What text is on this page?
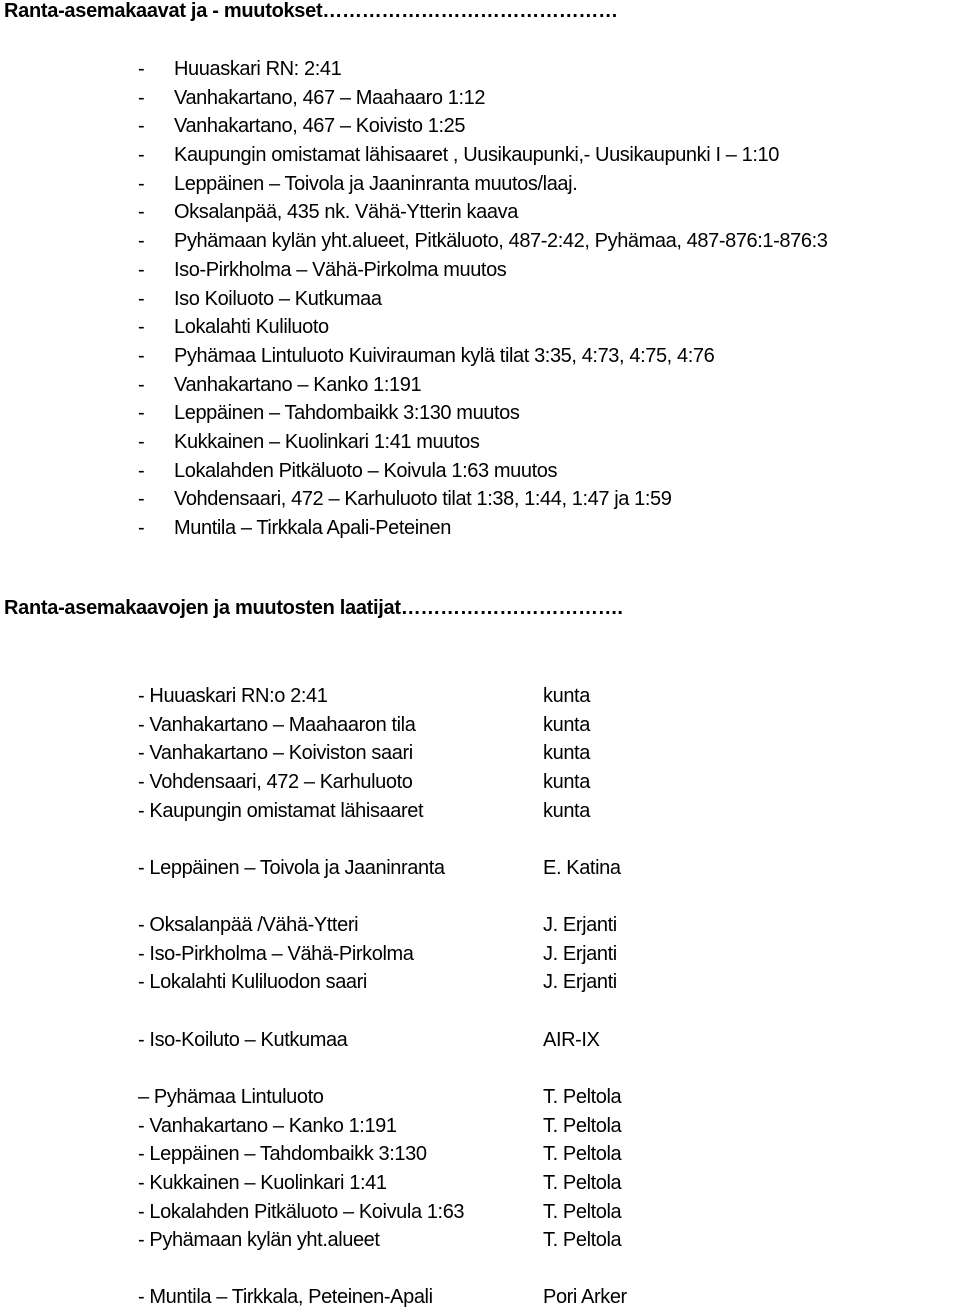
Ranta-asemakaavat ja - muutokset………………………………………
- Huuaskari RN: 2:41
- Vanhakartano, 467 – Maahaaro 1:12
- Vanhakartano, 467 – Koivisto 1:25
- Kaupungin omistamat lähisaaret , Uusikaupunki,- Uusikaupunki I – 1:10
- Leppäinen – Toivola ja Jaaninranta muutos/laaj.
- Oksalanpää, 435 nk. Vähä-Ytterin kaava
- Pyhämaan kylän yht.alueet, Pitkäluoto, 487-2:42, Pyhämaa, 487-876:1-876:3
- Iso-Pirkholma – Vähä-Pirkolma muutos
- Iso Koiluoto – Kutkumaa
- Lokalahti Kuliluoto
- Pyhämaa Lintuluoto Kuivirauman kylä tilat 3:35, 4:73, 4:75, 4:76
- Vanhakartano – Kanko 1:191
- Leppäinen – Tahdombaikk 3:130 muutos
- Kukkainen – Kuolinkari 1:41 muutos
- Lokalahden Pitkäluoto – Koivula 1:63 muutos
- Vohdensaari, 472 – Karhuluoto tilat 1:38, 1:44, 1:47 ja 1:59
- Muntila – Tirkkala Apali-Peteinen
Ranta-asemakaavojen ja muutosten laatijat…………………………….
- Huuaskari RN:o 2:41	kunta
- Vanhakartano – Maahaaron tila	kunta
- Vanhakartano – Koiviston saari	kunta
- Vohdensaari, 472 – Karhuluoto	kunta
- Kaupungin omistamat lähisaaret	kunta
- Leppäinen – Toivola ja Jaaninranta	E. Katina
- Oksalanpää /Vähä-Ytteri	J. Erjanti
- Iso-Pirkholma – Vähä-Pirkolma	J. Erjanti
- Lokalahti Kuliluodon saari	J. Erjanti
- Iso-Koiluto – Kutkumaa	AIR-IX
– Pyhämaa Lintuluoto	T. Peltola
- Vanhakartano – Kanko 1:191	T. Peltola
- Leppäinen – Tahdombaikk 3:130	T. Peltola
- Kukkainen – Kuolinkari 1:41	T. Peltola
- Lokalahden Pitkäluoto – Koivula 1:63	T. Peltola
- Pyhämaan kylän yht.alueet	T. Peltola
- Muntila – Tirkkala, Peteinen-Apali	Pori Arker
